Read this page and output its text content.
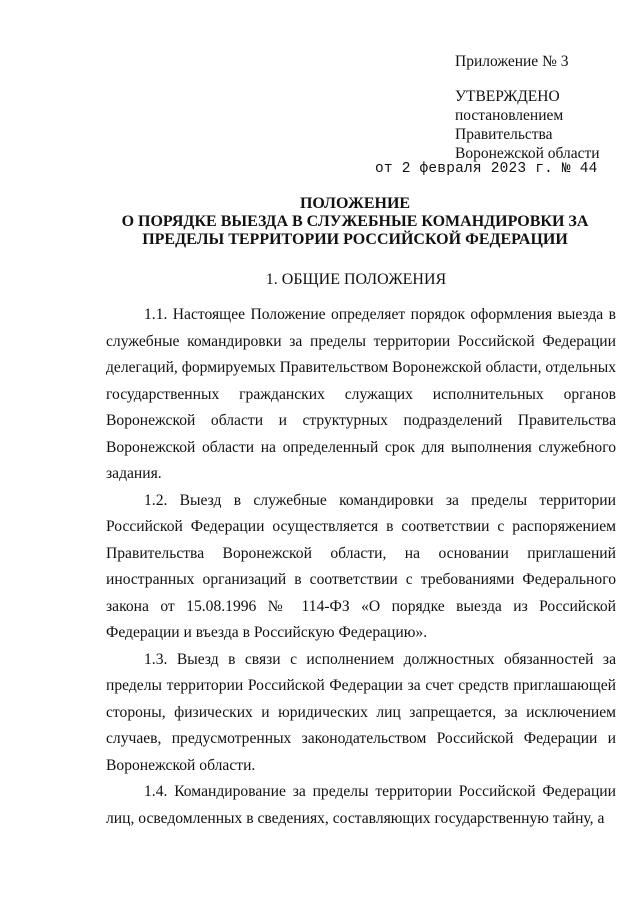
Приложение № 3
УТВЕРЖДЕНО
постановлением
Правительства
Воронежской области
от 2 февраля 2023 г. № 44
ПОЛОЖЕНИЕ
О ПОРЯДКЕ ВЫЕЗДА В СЛУЖЕБНЫЕ КОМАНДИРОВКИ ЗА
ПРЕДЕЛЫ ТЕРРИТОРИИ РОССИЙСКОЙ ФЕДЕРАЦИИ
1. ОБЩИЕ ПОЛОЖЕНИЯ

1.1. Настоящее Положение определяет порядок оформления выезда в служебные командировки за пределы территории Российской Федерации делегаций, формируемых Правительством Воронежской области, отдельных государственных гражданских служащих исполнительных органов Воронежской области и структурных подразделений Правительства Воронежской области на определенный срок для выполнения служебного задания.

1.2. Выезд в служебные командировки за пределы территории Российской Федерации осуществляется в соответствии с распоряжением Правительства Воронежской области, на основании приглашений иностранных организаций в соответствии с требованиями Федерального закона от 15.08.1996 № 114-ФЗ «О порядке выезда из Российской Федерации и въезда в Российскую Федерацию».

1.3. Выезд в связи с исполнением должностных обязанностей за пределы территории Российской Федерации за счет средств приглашающей стороны, физических и юридических лиц запрещается, за исключением случаев, предусмотренных законодательством Российской Федерации и Воронежской области.

1.4. Командирование за пределы территории Российской Федерации лиц, осведомленных в сведениях, составляющих государственную тайну, а
